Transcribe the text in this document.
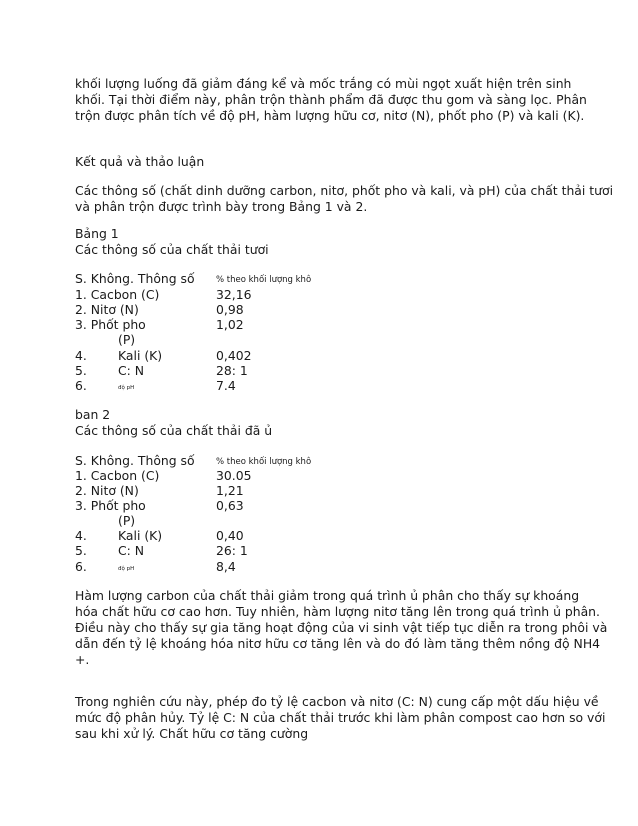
khối lượng luống đã giảm đáng kể và mốc trắng có mùi ngọt xuất hiện trên sinh

khối. Tại thời điểm này, phân trộn thành phẩm đã được thu gom và sàng lọc. Phân

trộn được phân tích về độ pH, hàm lượng hữu cơ, nitơ (N), phốt pho (P) và kali (K).

Kết quả và thảo luận

Các thông số (chất dinh dưỡng carbon, nitơ, phốt pho và kali, và pH) của chất thải tươi

và phân trộn được trình bày trong Bảng 1 và 2.

Bảng 1
Các thông số của chất thải tươi
S. Không. Thông số	% theo khối lượng khô
1. Cacbon (C)	32,16
2. Nitơ (N)	0,98
3. Phốt pho	1,02
(P)
4.	Kali (K)	0,402
5.	C: N	28: 1
6.	độ pH	7.4
ban 2
Các thông số của chất thải đã ủ
S. Không. Thông số	% theo khối lượng khô
1. Cacbon (C)	30.05
2. Nitơ (N)	1,21
3. Phốt pho	0,63
(P)
4.	Kali (K)	0,40
5.	C: N	26: 1
6.	độ pH	8,4

Hàm lượng carbon của chất thải giảm trong quá trình ủ phân cho thấy sự khoáng

hóa chất hữu cơ cao hơn. Tuy nhiên, hàm lượng nitơ tăng lên trong quá trình ủ phân.

Điều này cho thấy sự gia tăng hoạt động của vi sinh vật tiếp tục diễn ra trong phôi và

dẫn đến tỷ lệ khoáng hóa nitơ hữu cơ tăng lên và do đó làm tăng thêm nồng độ NH4

+.

Trong nghiên cứu này, phép đo tỷ lệ cacbon và nitơ (C: N) cung cấp một dấu hiệu về

mức độ phân hủy. Tỷ lệ C: N của chất thải trước khi làm phân compost cao hơn so với

sau khi xử lý. Chất hữu cơ tăng cường
